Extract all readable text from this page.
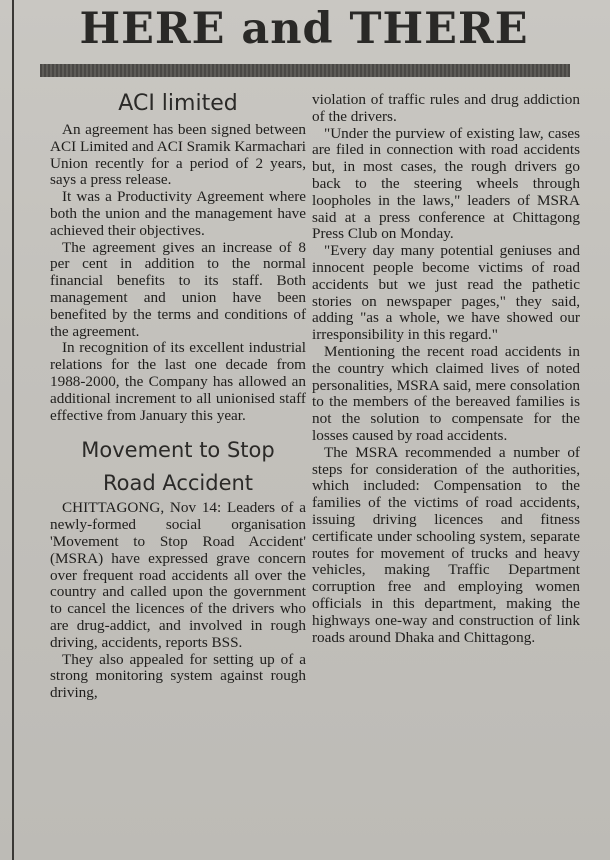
HERE and THERE
ACI limited

An agreement has been signed between ACI Limited and ACI Sramik Karmachari Union recently for a period of 2 years, says a press release.

It was a Productivity Agreement where both the union and the management have achieved their objectives.

The agreement gives an increase of 8 per cent in addition to the normal financial benefits to its staff. Both management and union have been benefited by the terms and conditions of the agreement.

In recognition of its excellent industrial relations for the last one decade from 1988-2000, the Company has allowed an additional increment to all unionised staff effective from January this year.

Movement to Stop
Road Accident

CHITTAGONG, Nov 14: Leaders of a newly-formed social organisation 'Movement to Stop Road Accident' (MSRA) have expressed grave concern over frequent road accidents all over the country and called upon the government to cancel the licences of the drivers who are drug-addict, and involved in rough driving, accidents, reports BSS.

They also appealed for setting up of a strong monitoring system against rough driving,

violation of traffic rules and drug addiction of the drivers.

"Under the purview of existing law, cases are filed in connection with road accidents but, in most cases, the rough drivers go back to the steering wheels through loopholes in the laws," leaders of MSRA said at a press conference at Chittagong Press Club on Monday.

"Every day many potential geniuses and innocent people become victims of road accidents but we just read the pathetic stories on newspaper pages," they said, adding "as a whole, we have showed our irresponsibility in this regard."

Mentioning the recent road accidents in the country which claimed lives of noted personalities, MSRA said, mere consolation to the members of the bereaved families is not the solution to compensate for the losses caused by road accidents.

The MSRA recommended a number of steps for consideration of the authorities, which included: Compensation to the families of the victims of road accidents, issuing driving licences and fitness certificate under schooling system, separate routes for movement of trucks and heavy vehicles, making Traffic Department corruption free and employing women officials in this department, making the highways one-way and construction of link roads around Dhaka and Chittagong.
